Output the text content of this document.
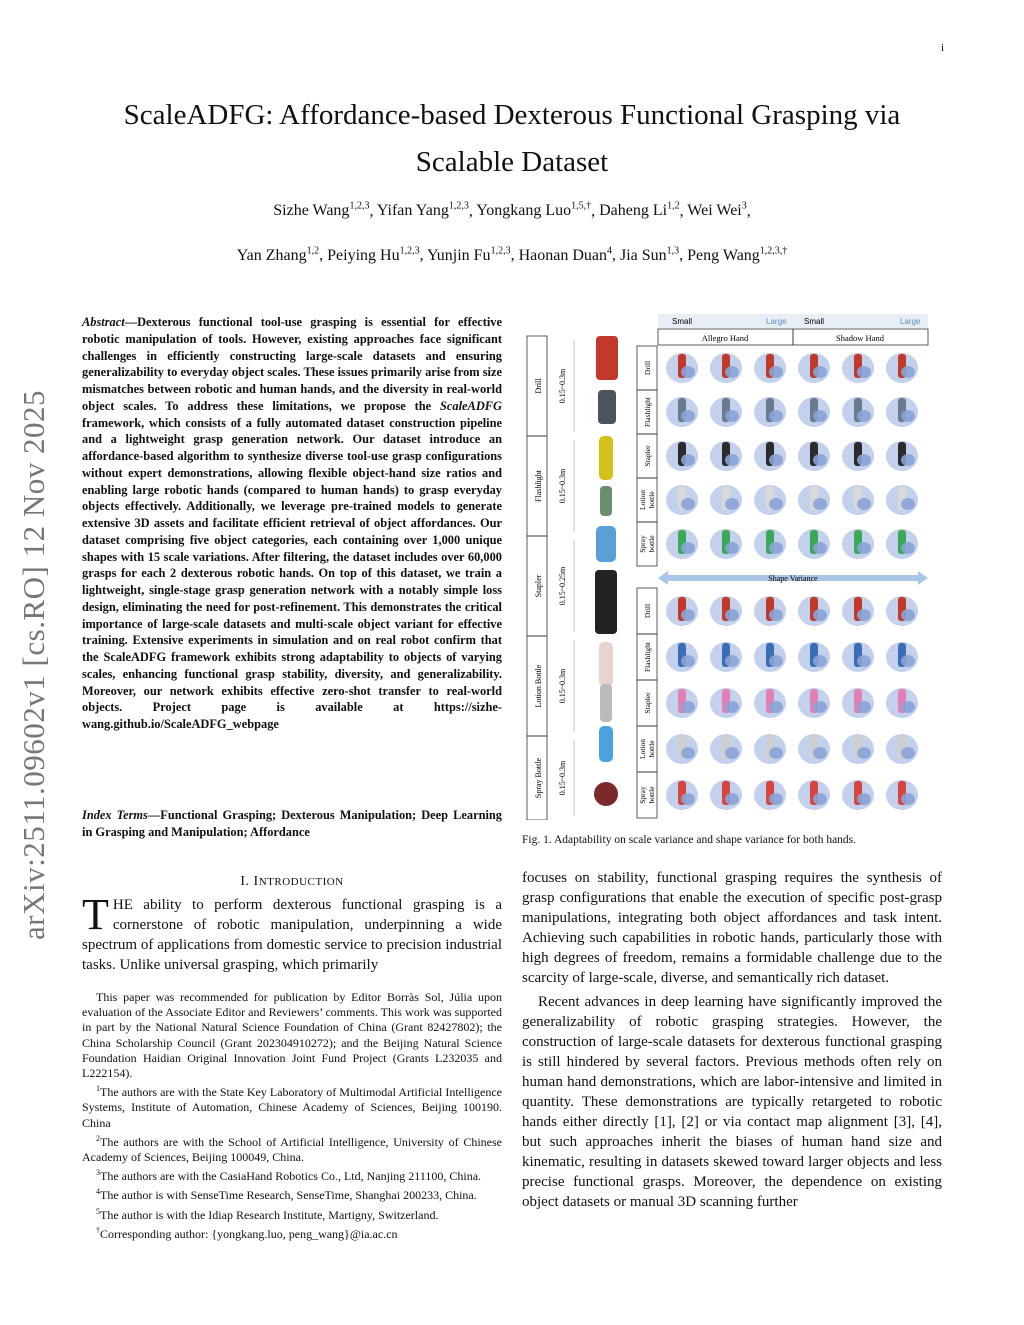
i
arXiv:2511.09602v1 [cs.RO] 12 Nov 2025
ScaleADFG: Affordance-based Dexterous Functional Grasping via
Scalable Dataset
Sizhe Wang$^{1,2,3}$, Yifan Yang$^{1,2,3}$, Yongkang Luo$^{1,5,\dagger}$, Daheng Li$^{1,2}$, Wei Wei$^3$,
Yan Zhang$^{1,2}$, Peiying Hu$^{1,2,3}$, Yunjin Fu$^{1,2,3}$, Haonan Duan$^4$, Jia Sun$^{1,3}$, Peng Wang$^{1,2,3,\dagger}$
Abstract—Dexterous functional tool-use grasping is essential for effective robotic manipulation of tools. However, existing approaches face significant challenges in efficiently constructing large-scale datasets and ensuring generalizability to everyday object scales. These issues primarily arise from size mismatches between robotic and human hands, and the diversity in real-world object scales. To address these limitations, we propose the ScaleADFG framework, which consists of a fully automated dataset construction pipeline and a lightweight grasp generation network. Our dataset introduce an affordance-based algorithm to synthesize diverse tool-use grasp configurations without expert demonstrations, allowing flexible object-hand size ratios and enabling large robotic hands (compared to human hands) to grasp everyday objects effectively. Additionally, we leverage pre-trained models to generate extensive 3D assets and facilitate efficient retrieval of object affordances. Our dataset comprising five object categories, each containing over 1,000 unique shapes with 15 scale variations. After filtering, the dataset includes over 60,000 grasps for each 2 dexterous robotic hands. On top of this dataset, we train a lightweight, single-stage grasp generation network with a notably simple loss design, eliminating the need for post-refinement. This demonstrates the critical importance of large-scale datasets and multi-scale object variant for effective training. Extensive experiments in simulation and on real robot confirm that the ScaleADFG framework exhibits strong adaptability to objects of varying scales, enhancing functional grasp stability, diversity, and generalizability. Moreover, our network exhibits effective zero-shot transfer to real-world objects. Project page is available at https://sizhe-wang.github.io/ScaleADFG_webpage
Index Terms—Functional Grasping; Dexterous Manipulation; Deep Learning in Grasping and Manipulation; Affordance
I. INTRODUCTION
THE ability to perform dexterous functional grasping is a cornerstone of robotic manipulation, underpinning a wide spectrum of applications from domestic service to precision industrial tasks. Unlike universal grasping, which primarily

This paper was recommended for publication by Editor Borràs Sol, Júlia upon evaluation of the Associate Editor and Reviewers’ comments. This work was supported in part by the National Natural Science Foundation of China (Grant 82427802); the China Scholarship Council (Grant 202304910272); and the Beijing Natural Science Foundation Haidian Original Innovation Joint Fund Project (Grants L232035 and L222154).

$^1$The authors are with the State Key Laboratory of Multimodal Artificial Intelligence Systems, Institute of Automation, Chinese Academy of Sciences, Beijing 100190. China

$^2$The authors are with the School of Artificial Intelligence, University of Chinese Academy of Sciences, Beijing 100049, China.

$^3$The authors are with the CasiaHand Robotics Co., Ltd, Nanjing 211100, China.

$^4$The author is with SenseTime Research, SenseTime, Shanghai 200233, China.

$^5$The author is with the Idiap Research Institute, Martigny, Switzerland.

†Corresponding author: {yongkang.luo, peng_wang}@ia.ac.cn

Drill 0.15~0.3m
Flashlight 0.15~0.3m
Stapler 0.15~0.25m
Lotion Bottle 0.15~0.3m
Spray Bottle 0.15~0.3m
Small	Large Small	Large
Allegro Hand	Shadow Hand
Drill
Flashlight
Stapler
Lotion bottle
Spray bottle
Drill
Flashlight
Stapler
Lotion bottle
Spray bottle
Shape Variance
Fig. 1. Adaptability on scale variance and shape variance for both hands.

focuses on stability, functional grasping requires the synthesis of grasp configurations that enable the execution of specific post-grasp manipulations, integrating both object affordances and task intent. Achieving such capabilities in robotic hands, particularly those with high degrees of freedom, remains a formidable challenge due to the scarcity of large-scale, diverse, and semantically rich dataset.

Recent advances in deep learning have significantly improved the generalizability of robotic grasping strategies. However, the construction of large-scale datasets for dexterous functional grasping is still hindered by several factors. Previous methods often rely on human hand demonstrations, which are labor-intensive and limited in quantity. These demonstrations are typically retargeted to robotic hands either directly [1], [2] or via contact map alignment [3], [4], but such approaches inherit the biases of human hand size and kinematic, resulting in datasets skewed toward larger objects and less precise functional grasps. Moreover, the dependence on existing object datasets or manual 3D scanning further
